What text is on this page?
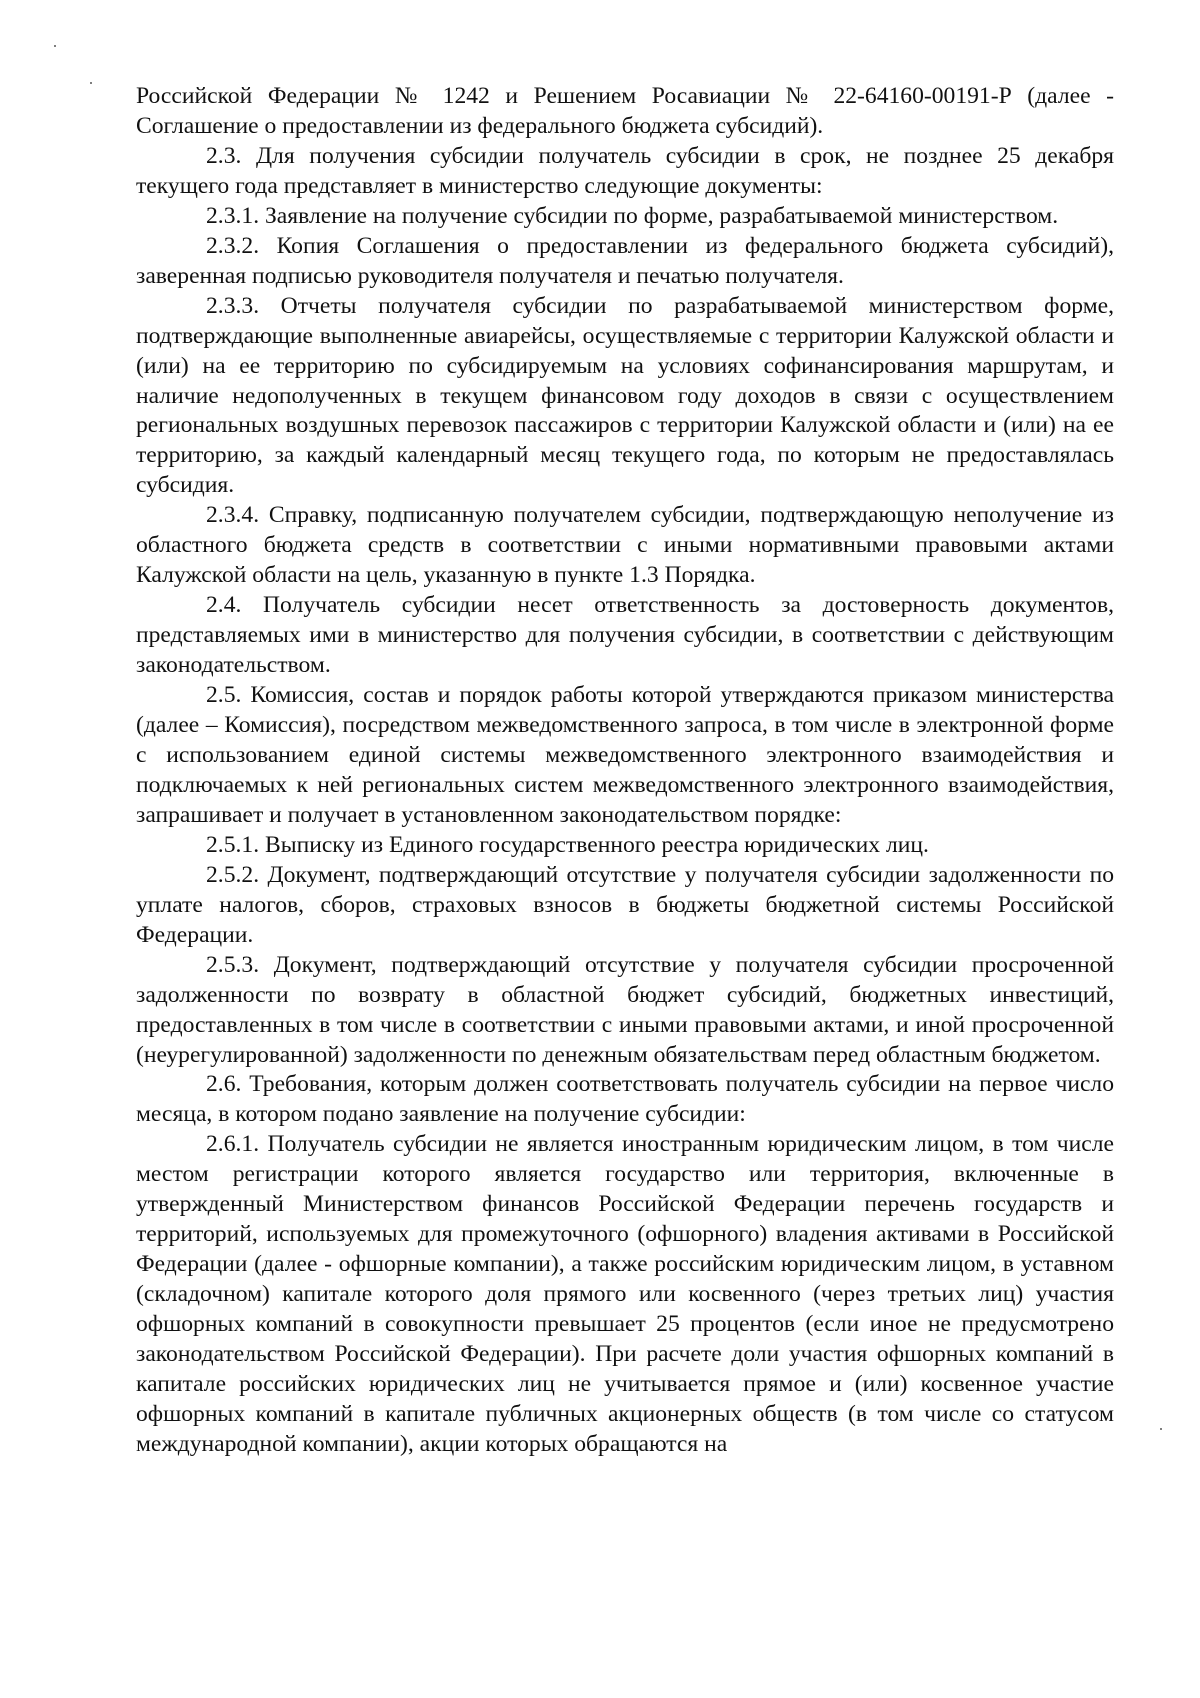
Российской Федерации № 1242 и Решением Росавиации № 22-64160-00191-Р (далее - Соглашение о предоставлении из федерального бюджета субсидий).

2.3. Для получения субсидии получатель субсидии в срок, не позднее 25 декабря текущего года представляет в министерство следующие документы:

2.3.1. Заявление на получение субсидии по форме, разрабатываемой министерством.

2.3.2. Копия Соглашения о предоставлении из федерального бюджета субсидий), заверенная подписью руководителя получателя и печатью получателя.

2.3.3. Отчеты получателя субсидии по разрабатываемой министерством форме, подтверждающие выполненные авиарейсы, осуществляемые с территории Калужской области и (или) на ее территорию по субсидируемым на условиях софинансирования маршрутам, и наличие недополученных в текущем финансовом году доходов в связи с осуществлением региональных воздушных перевозок пассажиров с территории Калужской области и (или) на ее территорию, за каждый календарный месяц текущего года, по которым не предоставлялась субсидия.

2.3.4. Справку, подписанную получателем субсидии, подтверждающую неполучение из областного бюджета средств в соответствии с иными нормативными правовыми актами Калужской области на цель, указанную в пункте 1.3 Порядка.

2.4. Получатель субсидии несет ответственность за достоверность документов, представляемых ими в министерство для получения субсидии, в соответствии с действующим законодательством.

2.5. Комиссия, состав и порядок работы которой утверждаются приказом министерства (далее – Комиссия), посредством межведомственного запроса, в том числе в электронной форме с использованием единой системы межведомственного электронного взаимодействия и подключаемых к ней региональных систем межведомственного электронного взаимодействия, запрашивает и получает в установленном законодательством порядке:

2.5.1. Выписку из Единого государственного реестра юридических лиц.

2.5.2. Документ, подтверждающий отсутствие у получателя субсидии задолженности по уплате налогов, сборов, страховых взносов в бюджеты бюджетной системы Российской Федерации.

2.5.3. Документ, подтверждающий отсутствие у получателя субсидии просроченной задолженности по возврату в областной бюджет субсидий, бюджетных инвестиций, предоставленных в том числе в соответствии с иными правовыми актами, и иной просроченной (неурегулированной) задолженности по денежным обязательствам перед областным бюджетом.

2.6. Требования, которым должен соответствовать получатель субсидии на первое число месяца, в котором подано заявление на получение субсидии:

2.6.1. Получатель субсидии не является иностранным юридическим лицом, в том числе местом регистрации которого является государство или территория, включенные в утвержденный Министерством финансов Российской Федерации перечень государств и территорий, используемых для промежуточного (офшорного) владения активами в Российской Федерации (далее - офшорные компании), а также российским юридическим лицом, в уставном (складочном) капитале которого доля прямого или косвенного (через третьих лиц) участия офшорных компаний в совокупности превышает 25 процентов (если иное не предусмотрено законодательством Российской Федерации). При расчете доли участия офшорных компаний в капитале российских юридических лиц не учитывается прямое и (или) косвенное участие офшорных компаний в капитале публичных акционерных обществ (в том числе со статусом международной компании), акции которых обращаются на
